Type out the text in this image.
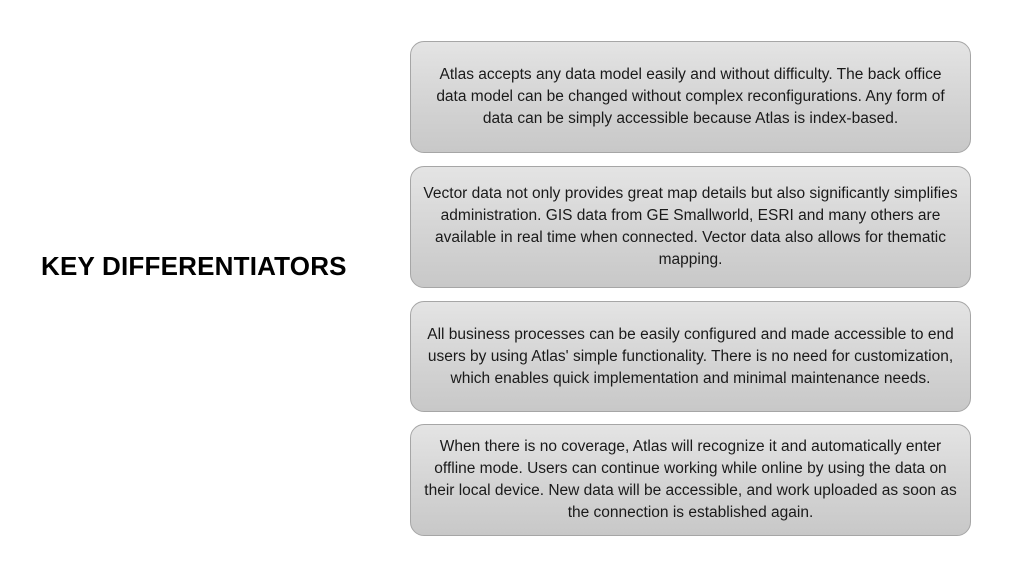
KEY DIFFERENTIATORS
Atlas accepts any data model easily and without difficulty. The back office data model can be changed without complex reconfigurations. Any form of data can be simply accessible because Atlas is index-based.
Vector data not only provides great map details but also significantly simplifies administration. GIS data from GE Smallworld, ESRI and many others are available in real time when connected. Vector data also allows for thematic mapping.
All business processes can be easily configured and made accessible to end users by using Atlas' simple functionality. There is no need for customization, which enables quick implementation and minimal maintenance needs.
When there is no coverage, Atlas will recognize it and automatically enter offline mode. Users can continue working while online by using the data on their local device. New data will be accessible, and work uploaded as soon as the connection is established again.
